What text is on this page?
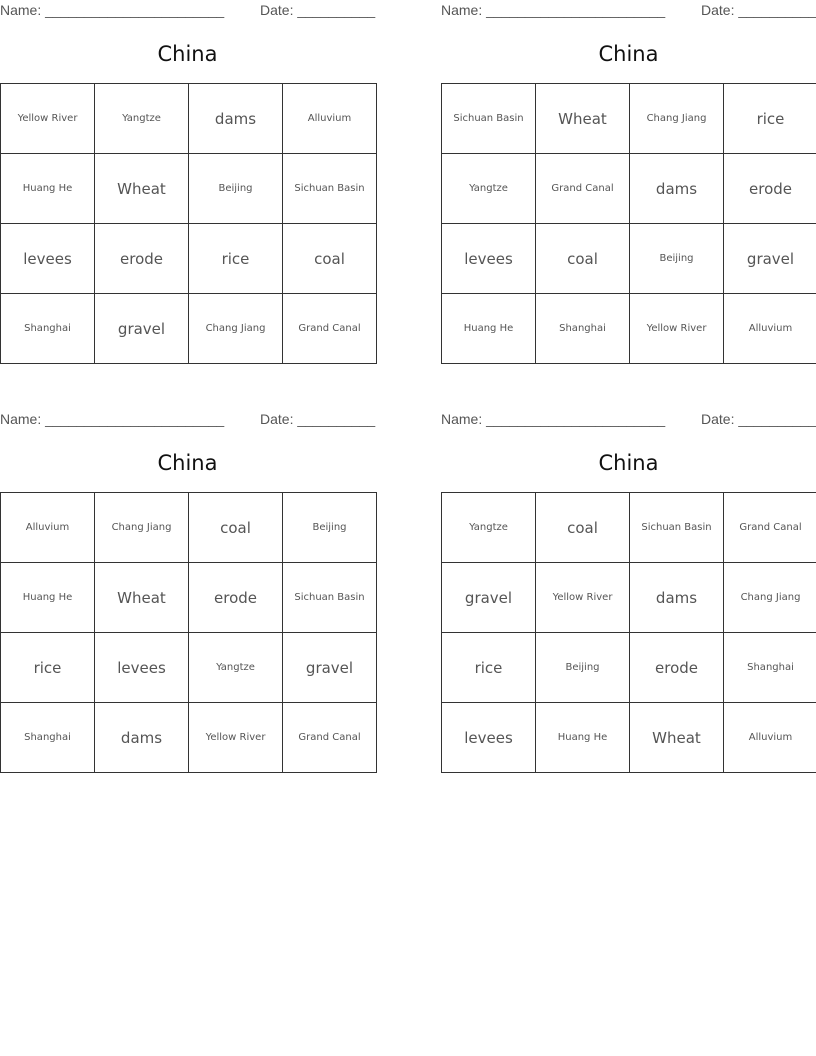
Name: _______________________	Date: __________
China
Yellow River	Yangtze	dams	Alluvium
Huang He	Wheat	Beijing	Sichuan Basin
levees	erode	rice	coal
Shanghai	gravel	Chang Jiang	Grand Canal
Name: _______________________	Date: __________
China
Sichuan Basin	Wheat	Chang Jiang	rice
Yangtze	Grand Canal	dams	erode
levees	coal	Beijing	gravel
Huang He	Shanghai	Yellow River	Alluvium
Name: _______________________	Date: __________
China
Alluvium	Chang Jiang	coal	Beijing
Huang He	Wheat	erode	Sichuan Basin
rice	levees	Yangtze	gravel
Shanghai	dams	Yellow River	Grand Canal
Name: _______________________	Date: __________
China
Yangtze	coal	Sichuan Basin	Grand Canal
gravel	Yellow River	dams	Chang Jiang
rice	Beijing	erode	Shanghai
levees	Huang He	Wheat	Alluvium
